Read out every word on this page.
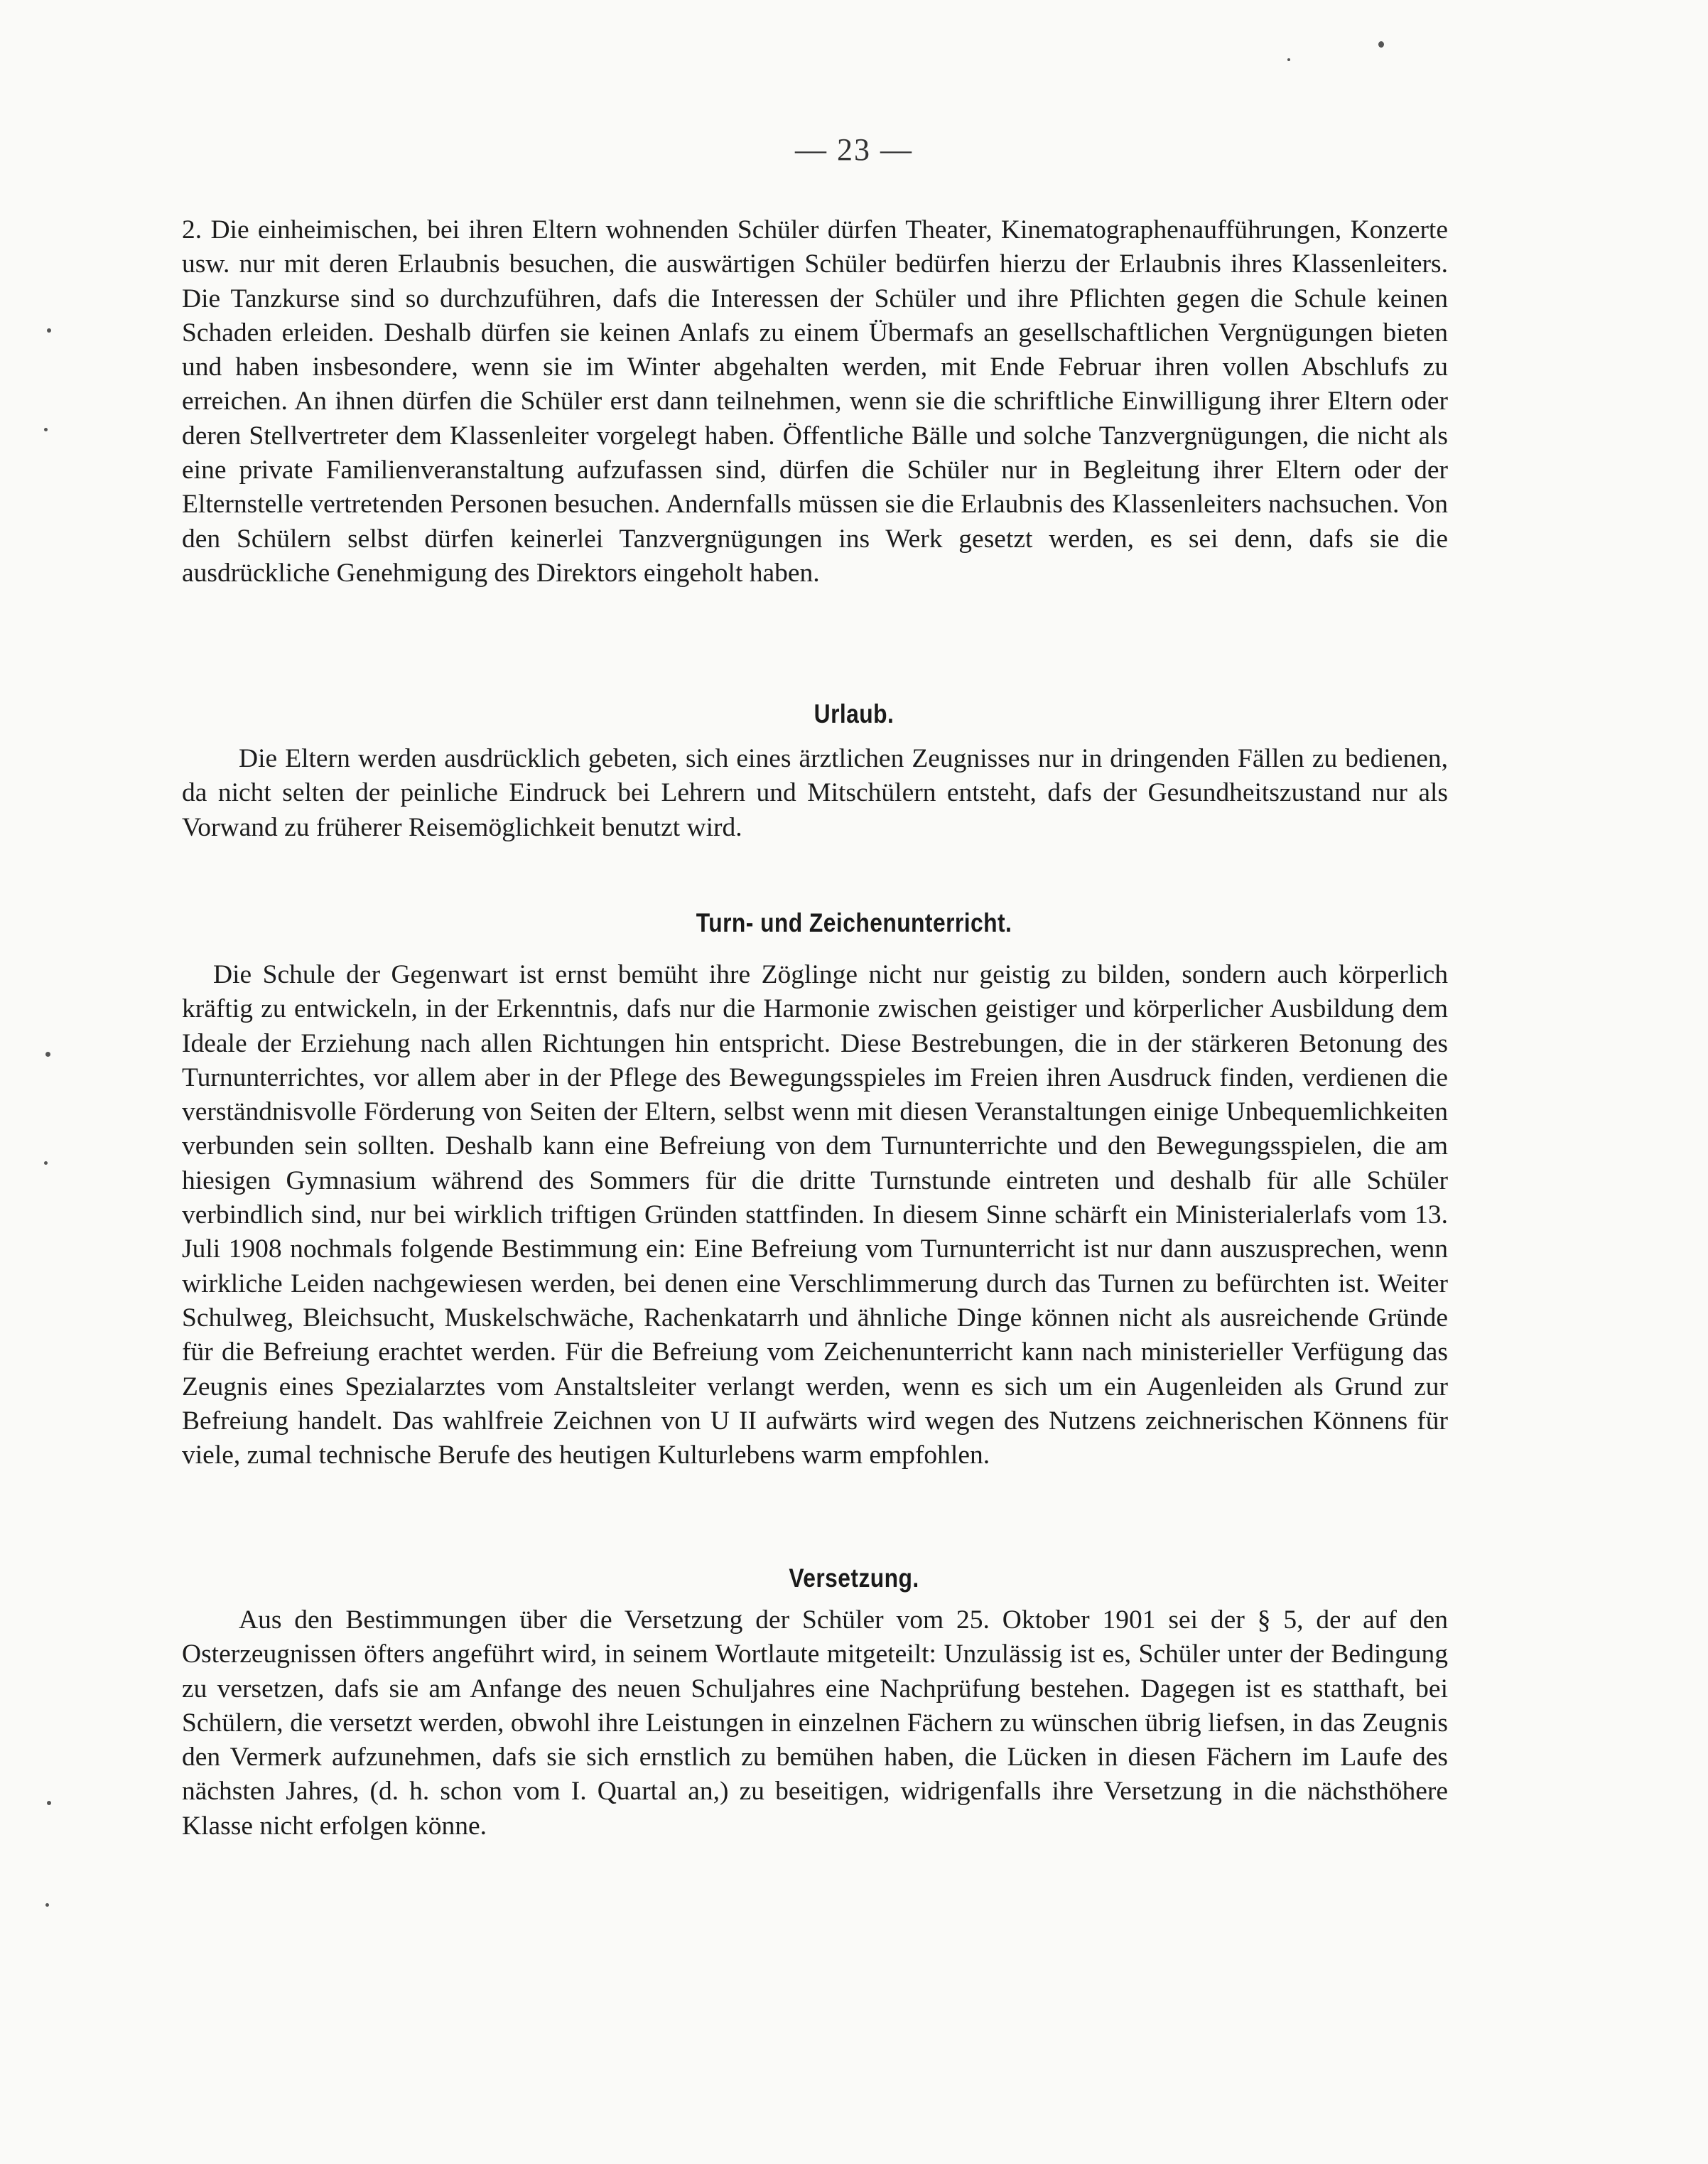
— 23 —

2. Die einheimischen, bei ihren Eltern wohnenden Schüler dürfen Theater, Kinematographenaufführungen, Konzerte usw. nur mit deren Erlaubnis besuchen, die auswärtigen Schüler bedürfen hierzu der Erlaubnis ihres Klassenleiters. Die Tanzkurse sind so durchzuführen, dafs die Interessen der Schüler und ihre Pflichten gegen die Schule keinen Schaden erleiden. Deshalb dürfen sie keinen Anlafs zu einem Übermafs an gesellschaftlichen Vergnügungen bieten und haben insbesondere, wenn sie im Winter abgehalten werden, mit Ende Februar ihren vollen Abschlufs zu erreichen. An ihnen dürfen die Schüler erst dann teilnehmen, wenn sie die schriftliche Einwilligung ihrer Eltern oder deren Stellvertreter dem Klassenleiter vorgelegt haben. Öffentliche Bälle und solche Tanzvergnügungen, die nicht als eine private Familienveranstaltung aufzufassen sind, dürfen die Schüler nur in Begleitung ihrer Eltern oder der Elternstelle vertretenden Personen besuchen. Andernfalls müssen sie die Erlaubnis des Klassenleiters nachsuchen. Von den Schülern selbst dürfen keinerlei Tanzvergnügungen ins Werk gesetzt werden, es sei denn, dafs sie die ausdrückliche Genehmigung des Direktors eingeholt haben.

Urlaub.

Die Eltern werden ausdrücklich gebeten, sich eines ärztlichen Zeugnisses nur in dringenden Fällen zu bedienen, da nicht selten der peinliche Eindruck bei Lehrern und Mitschülern entsteht, dafs der Gesundheitszustand nur als Vorwand zu früherer Reisemöglichkeit benutzt wird.

Turn- und Zeichenunterricht.

Die Schule der Gegenwart ist ernst bemüht ihre Zöglinge nicht nur geistig zu bilden, sondern auch körperlich kräftig zu entwickeln, in der Erkenntnis, dafs nur die Harmonie zwischen geistiger und körperlicher Ausbildung dem Ideale der Erziehung nach allen Richtungen hin entspricht. Diese Bestrebungen, die in der stärkeren Betonung des Turnunterrichtes, vor allem aber in der Pflege des Bewegungsspieles im Freien ihren Ausdruck finden, verdienen die verständnisvolle Förderung von Seiten der Eltern, selbst wenn mit diesen Veranstaltungen einige Unbequemlichkeiten verbunden sein sollten. Deshalb kann eine Befreiung von dem Turnunterrichte und den Bewegungsspielen, die am hiesigen Gymnasium während des Sommers für die dritte Turnstunde eintreten und deshalb für alle Schüler verbindlich sind, nur bei wirklich triftigen Gründen stattfinden. In diesem Sinne schärft ein Ministerialerlafs vom 13. Juli 1908 nochmals folgende Bestimmung ein: Eine Befreiung vom Turnunterricht ist nur dann auszusprechen, wenn wirkliche Leiden nachgewiesen werden, bei denen eine Verschlimmerung durch das Turnen zu befürchten ist. Weiter Schulweg, Bleichsucht, Muskelschwäche, Rachenkatarrh und ähnliche Dinge können nicht als ausreichende Gründe für die Befreiung erachtet werden. Für die Befreiung vom Zeichenunterricht kann nach ministerieller Verfügung das Zeugnis eines Spezialarztes vom Anstaltsleiter verlangt werden, wenn es sich um ein Augenleiden als Grund zur Befreiung handelt. Das wahlfreie Zeichnen von U II aufwärts wird wegen des Nutzens zeichnerischen Könnens für viele, zumal technische Berufe des heutigen Kulturlebens warm empfohlen.

Versetzung.

Aus den Bestimmungen über die Versetzung der Schüler vom 25. Oktober 1901 sei der § 5, der auf den Osterzeugnissen öfters angeführt wird, in seinem Wortlaute mitgeteilt: Unzulässig ist es, Schüler unter der Bedingung zu versetzen, dafs sie am Anfange des neuen Schuljahres eine Nachprüfung bestehen. Dagegen ist es statthaft, bei Schülern, die versetzt werden, obwohl ihre Leistungen in einzelnen Fächern zu wünschen übrig liefsen, in das Zeugnis den Vermerk aufzunehmen, dafs sie sich ernstlich zu bemühen haben, die Lücken in diesen Fächern im Laufe des nächsten Jahres, (d. h. schon vom I. Quartal an,) zu beseitigen, widrigenfalls ihre Versetzung in die nächsthöhere Klasse nicht erfolgen könne.
